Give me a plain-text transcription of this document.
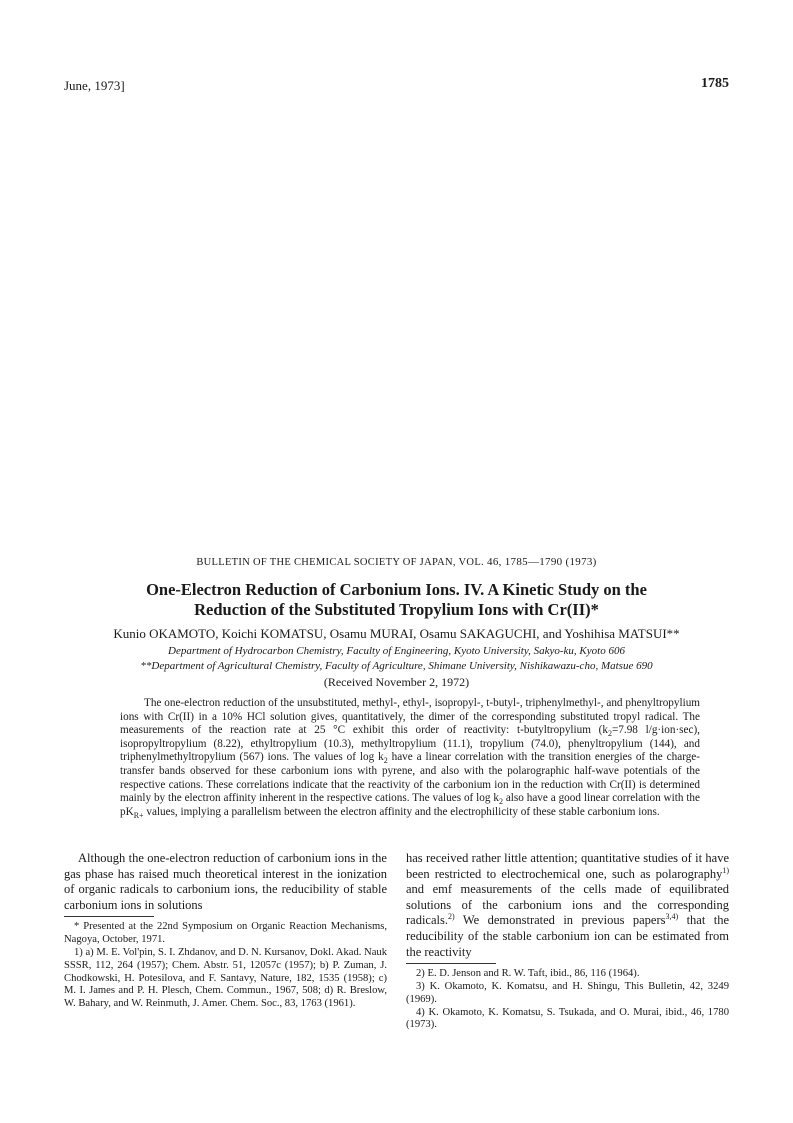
June, 1973]	1785
BULLETIN OF THE CHEMICAL SOCIETY OF JAPAN, VOL. 46, 1785—1790 (1973)
One-Electron Reduction of Carbonium Ions. IV. A Kinetic Study on the
Reduction of the Substituted Tropylium Ions with Cr(II)*
Kunio OKAMOTO, Koichi KOMATSU, Osamu MURAI, Osamu SAKAGUCHI, and Yoshihisa MATSUI**
Department of Hydrocarbon Chemistry, Faculty of Engineering, Kyoto University, Sakyo-ku, Kyoto 606
**Department of Agricultural Chemistry, Faculty of Agriculture, Shimane University, Nishikawazu-cho, Matsue 690
(Received November 2, 1972)

The one-electron reduction of the unsubstituted, methyl-, ethyl-, isopropyl-, t-butyl-, triphenylmethyl-, and phenyltropylium ions with Cr(II) in a 10% HCl solution gives, quantitatively, the dimer of the corresponding substituted tropyl radical. The measurements of the reaction rate at 25 °C exhibit this order of reactivity: t-butyltropylium ($k_2=7.98$ l/g·ion·sec), isopropyltropylium (8.22), ethyltropylium (10.3), methyltropylium (11.1), tropylium (74.0), phenyltropylium (144), and triphenylmethyltropylium (567) ions. The values of $\log k_2$ have a linear correlation with the transition energies of the charge-transfer bands observed for these carbonium ions with pyrene, and also with the polarographic half-wave potentials of the respective cations. These correlations indicate that the reactivity of the carbonium ion in the reduction with Cr(II) is determined mainly by the electron affinity inherent in the respective cations. The values of $\log k_2$ also have a good linear correlation with the $pK_{R+}$ values, implying a parallelism between the electron affinity and the electrophilicity of these stable carbonium ions.

Although the one-electron reduction of carbonium ions in the gas phase has raised much theoretical interest in the ionization of organic radicals to carbonium ions, the reducibility of stable carbonium ions in solutions

* Presented at the 22nd Symposium on Organic Reaction Mechanisms, Nagoya, October, 1971.

1) a) M. E. Vol'pin, S. I. Zhdanov, and D. N. Kursanov, Dokl. Akad. Nauk SSSR, 112, 264 (1957); Chem. Abstr. 51, 12057c (1957); b) P. Zuman, J. Chodkowski, H. Potesilova, and F. Santavy, Nature, 182, 1535 (1958); c) M. I. James and P. H. Plesch, Chem. Commun., 1967, 508; d) R. Breslow, W. Bahary, and W. Reinmuth, J. Amer. Chem. Soc., 83, 1763 (1961).

has received rather little attention; quantitative studies of it have been restricted to electrochemical one, such as polarography$^{1)}$ and emf measurements of the cells made of equilibrated solutions of the carbonium ions and the corresponding radicals.$^{2)}$ We demonstrated in previous papers$^{3,4)}$ that the reducibility of the stable carbonium ion can be estimated from the reactivity

2) E. D. Jenson and R. W. Taft, ibid., 86, 116 (1964).

3) K. Okamoto, K. Komatsu, and H. Shingu, This Bulletin, 42, 3249 (1969).

4) K. Okamoto, K. Komatsu, S. Tsukada, and O. Murai, ibid., 46, 1780 (1973).
